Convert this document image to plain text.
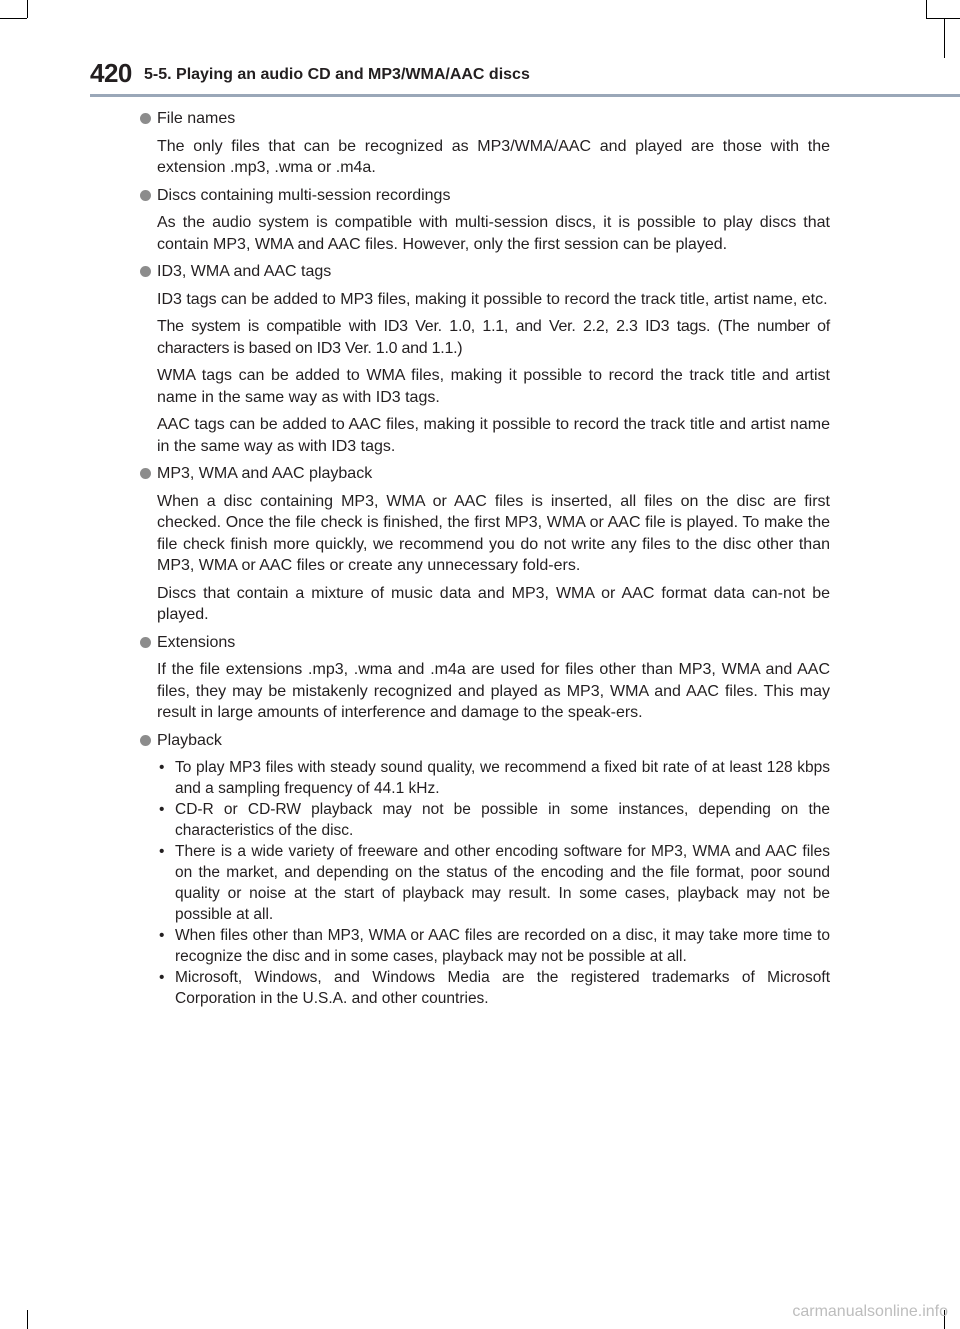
420 5-5. Playing an audio CD and MP3/WMA/AAC discs
File names
The only files that can be recognized as MP3/WMA/AAC and played are those with the extension .mp3, .wma or .m4a.
Discs containing multi-session recordings
As the audio system is compatible with multi-session discs, it is possible to play discs that contain MP3, WMA and AAC files. However, only the first session can be played.
ID3, WMA and AAC tags
ID3 tags can be added to MP3 files, making it possible to record the track title, artist name, etc.
The system is compatible with ID3 Ver. 1.0, 1.1, and Ver. 2.2, 2.3 ID3 tags. (The number of characters is based on ID3 Ver. 1.0 and 1.1.)
WMA tags can be added to WMA files, making it possible to record the track title and artist name in the same way as with ID3 tags.
AAC tags can be added to AAC files, making it possible to record the track title and artist name in the same way as with ID3 tags.
MP3, WMA and AAC playback
When a disc containing MP3, WMA or AAC files is inserted, all files on the disc are first checked. Once the file check is finished, the first MP3, WMA or AAC file is played. To make the file check finish more quickly, we recommend you do not write any files to the disc other than MP3, WMA or AAC files or create any unnecessary fold-ers.
Discs that contain a mixture of music data and MP3, WMA or AAC format data can-not be played.
Extensions
If the file extensions .mp3, .wma and .m4a are used for files other than MP3, WMA and AAC files, they may be mistakenly recognized and played as MP3, WMA and AAC files. This may result in large amounts of interference and damage to the speak-ers.
Playback
• To play MP3 files with steady sound quality, we recommend a fixed bit rate of at least 128 kbps and a sampling frequency of 44.1 kHz.
• CD-R or CD-RW playback may not be possible in some instances, depending on the characteristics of the disc.
• There is a wide variety of freeware and other encoding software for MP3, WMA and AAC files on the market, and depending on the status of the encoding and the file format, poor sound quality or noise at the start of playback may result. In some cases, playback may not be possible at all.
• When files other than MP3, WMA or AAC files are recorded on a disc, it may take more time to recognize the disc and in some cases, playback may not be possible at all.
• Microsoft, Windows, and Windows Media are the registered trademarks of Microsoft Corporation in the U.S.A. and other countries.
carmanualsonline.info
